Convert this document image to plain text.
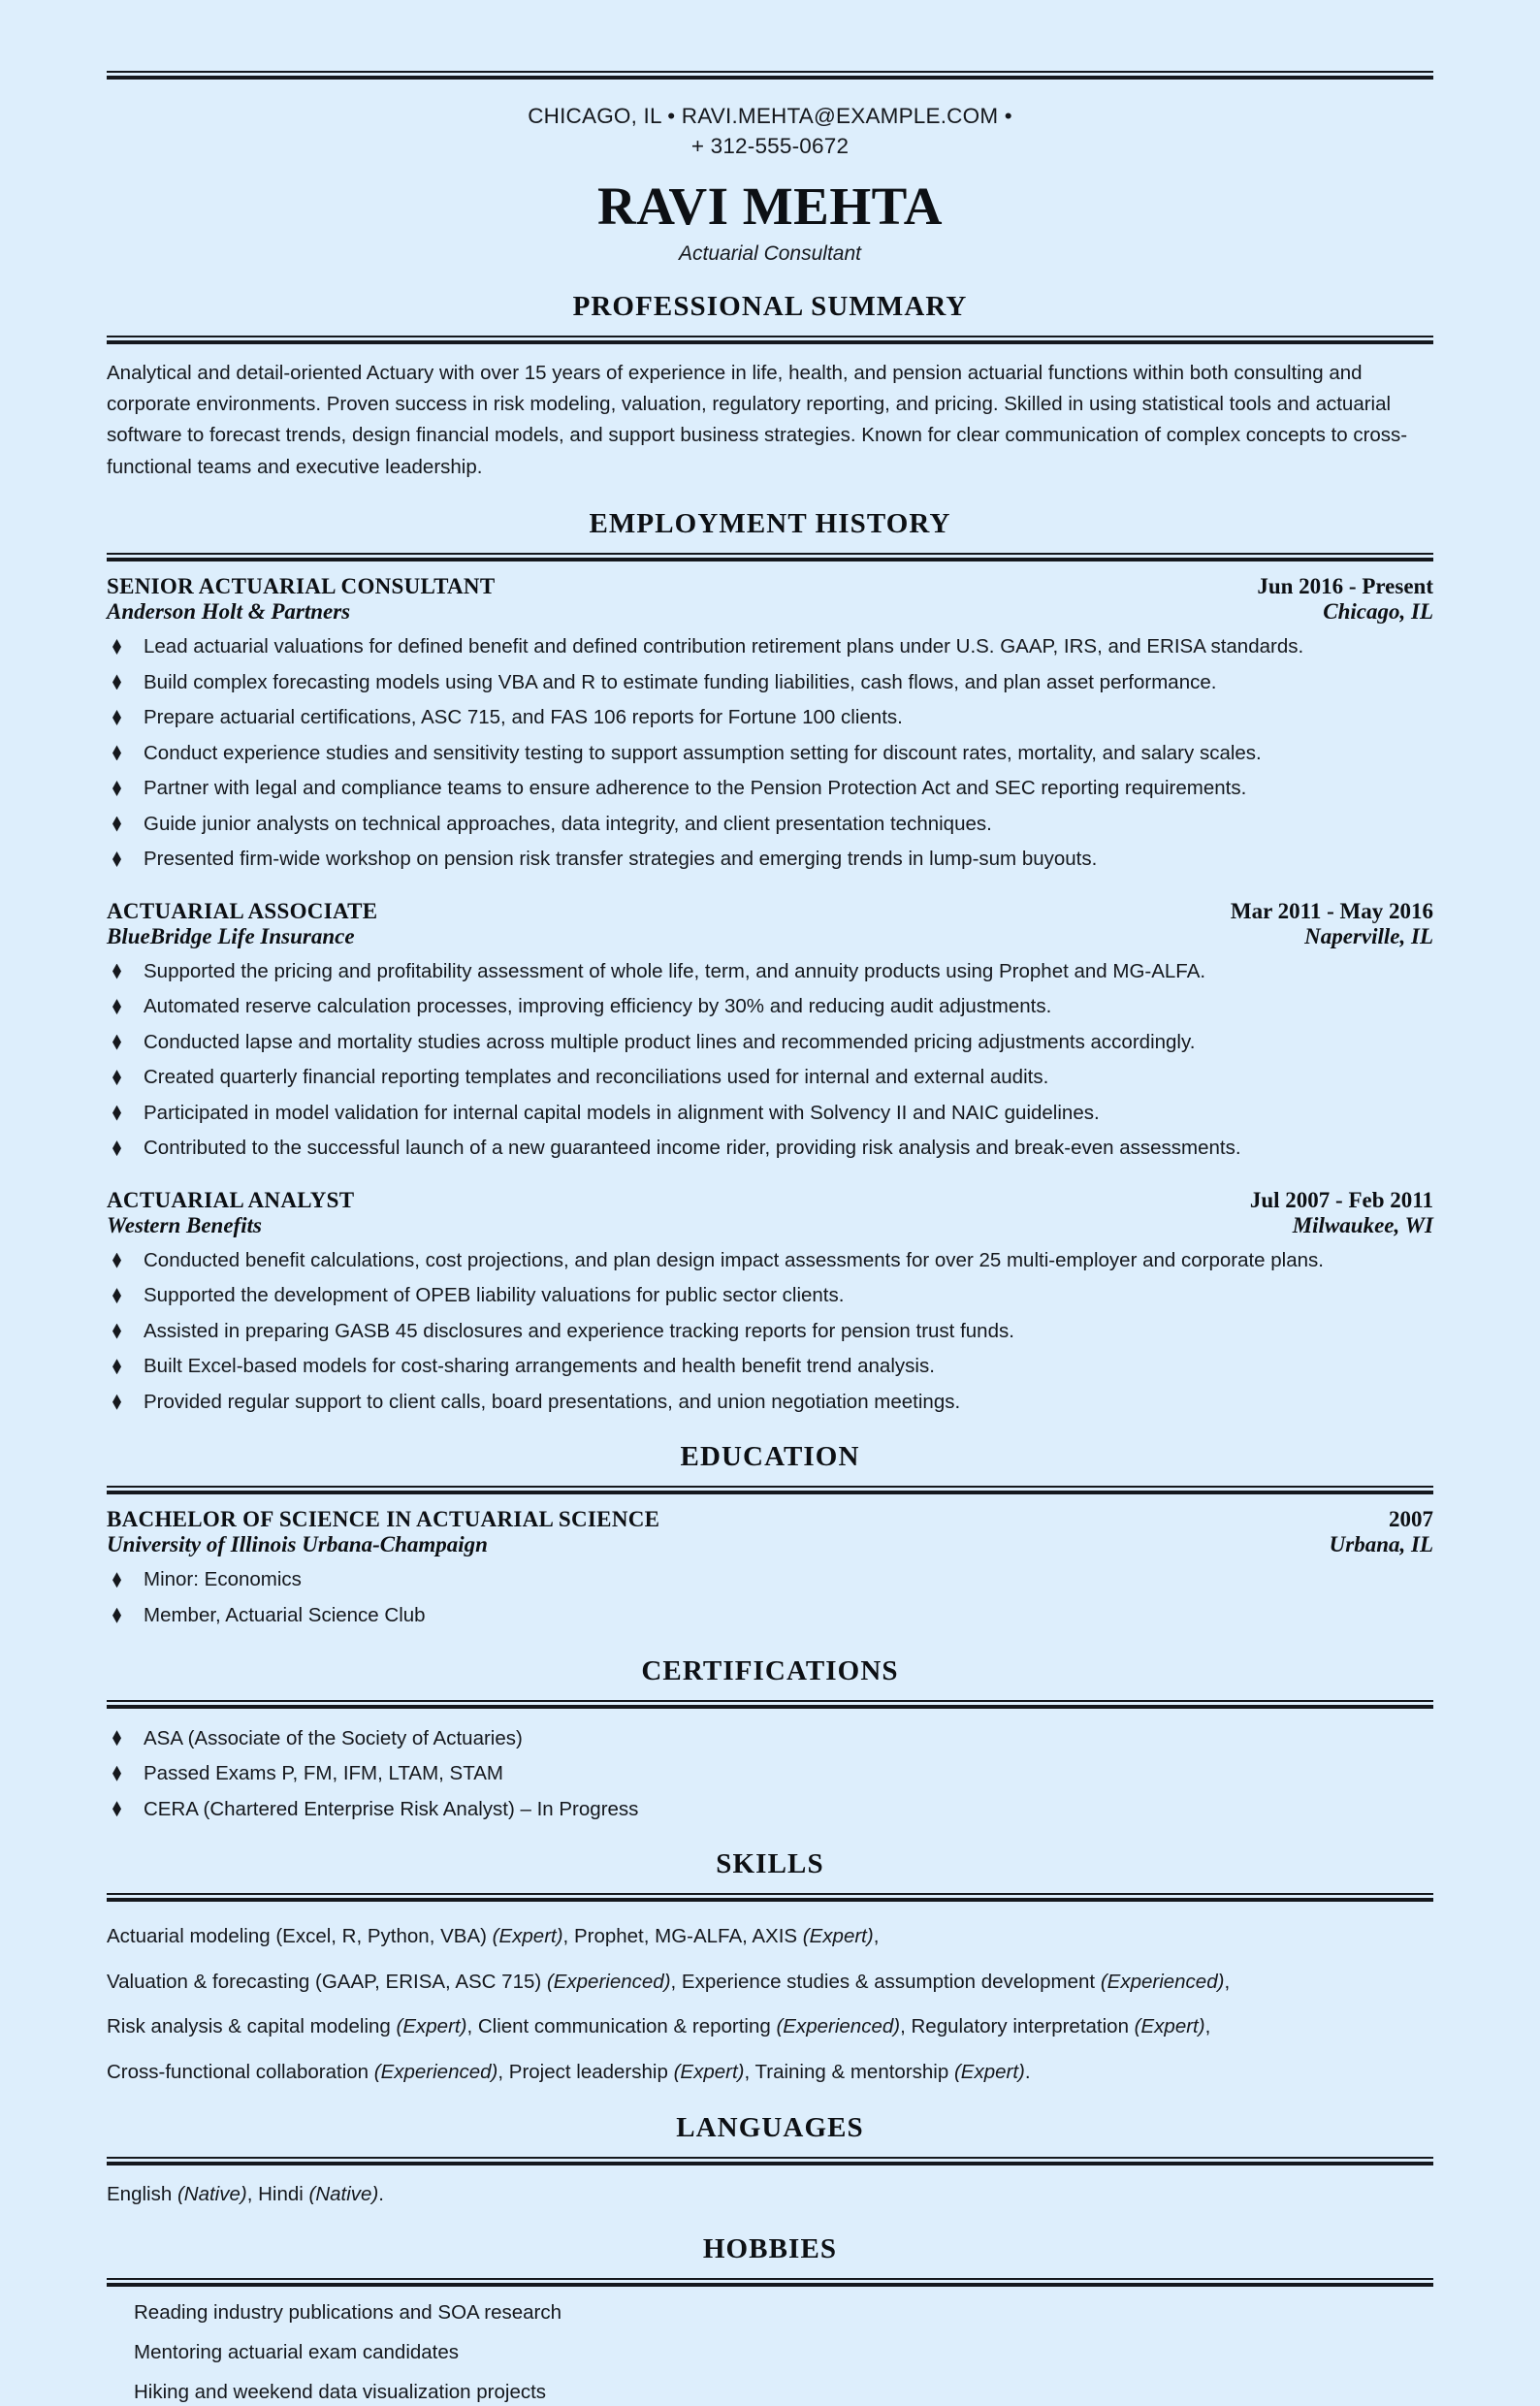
CHICAGO, IL • RAVI.MEHTA@EXAMPLE.COM •
+ 312-555-0672
RAVI MEHTA
Actuarial Consultant
PROFESSIONAL SUMMARY
Analytical and detail-oriented Actuary with over 15 years of experience in life, health, and pension actuarial functions within both consulting and corporate environments. Proven success in risk modeling, valuation, regulatory reporting, and pricing. Skilled in using statistical tools and actuarial software to forecast trends, design financial models, and support business strategies. Known for clear communication of complex concepts to cross-functional teams and executive leadership.
EMPLOYMENT HISTORY
SENIOR ACTUARIAL CONSULTANT	Jun 2016 - Present
Anderson Holt & Partners	Chicago, IL
Lead actuarial valuations for defined benefit and defined contribution retirement plans under U.S. GAAP, IRS, and ERISA standards.
Build complex forecasting models using VBA and R to estimate funding liabilities, cash flows, and plan asset performance.
Prepare actuarial certifications, ASC 715, and FAS 106 reports for Fortune 100 clients.
Conduct experience studies and sensitivity testing to support assumption setting for discount rates, mortality, and salary scales.
Partner with legal and compliance teams to ensure adherence to the Pension Protection Act and SEC reporting requirements.
Guide junior analysts on technical approaches, data integrity, and client presentation techniques.
Presented firm-wide workshop on pension risk transfer strategies and emerging trends in lump-sum buyouts.
ACTUARIAL ASSOCIATE	Mar 2011 - May 2016
BlueBridge Life Insurance	Naperville, IL
Supported the pricing and profitability assessment of whole life, term, and annuity products using Prophet and MG-ALFA.
Automated reserve calculation processes, improving efficiency by 30% and reducing audit adjustments.
Conducted lapse and mortality studies across multiple product lines and recommended pricing adjustments accordingly.
Created quarterly financial reporting templates and reconciliations used for internal and external audits.
Participated in model validation for internal capital models in alignment with Solvency II and NAIC guidelines.
Contributed to the successful launch of a new guaranteed income rider, providing risk analysis and break-even assessments.
ACTUARIAL ANALYST	Jul 2007 - Feb 2011
Western Benefits	Milwaukee, WI
Conducted benefit calculations, cost projections, and plan design impact assessments for over 25 multi-employer and corporate plans.
Supported the development of OPEB liability valuations for public sector clients.
Assisted in preparing GASB 45 disclosures and experience tracking reports for pension trust funds.
Built Excel-based models for cost-sharing arrangements and health benefit trend analysis.
Provided regular support to client calls, board presentations, and union negotiation meetings.
EDUCATION
BACHELOR OF SCIENCE IN ACTUARIAL SCIENCE	2007
University of Illinois Urbana-Champaign	Urbana, IL
Minor: Economics
Member, Actuarial Science Club
CERTIFICATIONS
ASA (Associate of the Society of Actuaries)
Passed Exams P, FM, IFM, LTAM, STAM
CERA (Chartered Enterprise Risk Analyst) – In Progress
SKILLS
Actuarial modeling (Excel, R, Python, VBA) (Expert), Prophet, MG-ALFA, AXIS (Expert),
Valuation & forecasting (GAAP, ERISA, ASC 715) (Experienced), Experience studies & assumption development (Experienced),
Risk analysis & capital modeling (Expert), Client communication & reporting (Experienced), Regulatory interpretation (Expert),
Cross-functional collaboration (Experienced), Project leadership (Expert), Training & mentorship (Expert).
LANGUAGES
English (Native), Hindi (Native).
HOBBIES
Reading industry publications and SOA research
Mentoring actuarial exam candidates
Hiking and weekend data visualization projects
